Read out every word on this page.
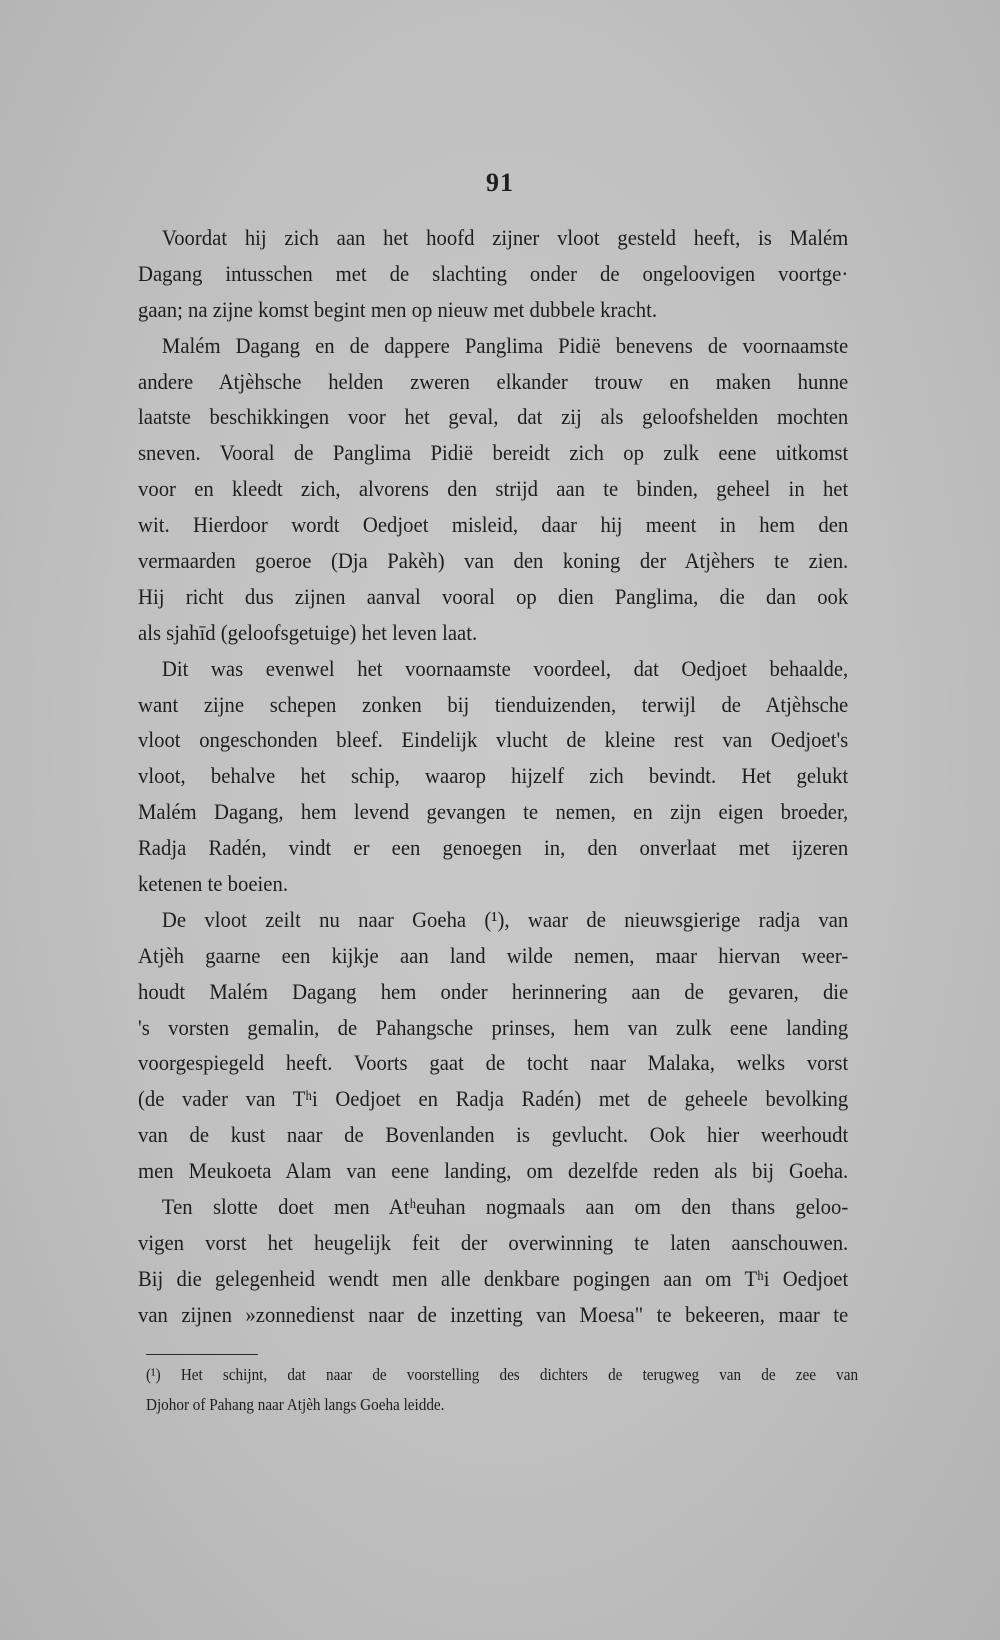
91
Voordat hij zich aan het hoofd zijner vloot gesteld heeft, is Malém
Dagang intusschen met de slachting onder de ongeloovigen voortge·
gaan; na zijne komst begint men op nieuw met dubbele kracht.
Malém Dagang en de dappere Panglima Pidië benevens de voornaamste
andere Atjèhsche helden zweren elkander trouw en maken hunne
laatste beschikkingen voor het geval, dat zij als geloofshelden mochten
sneven. Vooral de Panglima Pidië bereidt zich op zulk eene uitkomst
voor en kleedt zich, alvorens den strijd aan te binden, geheel in het
wit. Hierdoor wordt Oedjoet misleid, daar hij meent in hem den
vermaarden goeroe (Dja Pakèh) van den koning der Atjèhers te zien.
Hij richt dus zijnen aanval vooral op dien Panglima, die dan ook
als sjahīd (geloofsgetuige) het leven laat.
Dit was evenwel het voornaamste voordeel, dat Oedjoet behaalde,
want zijne schepen zonken bij tienduizenden, terwijl de Atjèhsche
vloot ongeschonden bleef. Eindelijk vlucht de kleine rest van Oedjoet's
vloot, behalve het schip, waarop hijzelf zich bevindt. Het gelukt
Malém Dagang, hem levend gevangen te nemen, en zijn eigen broeder,
Radja Radén, vindt er een genoegen in, den onverlaat met ijzeren
ketenen te boeien.
De vloot zeilt nu naar Goeha (¹), waar de nieuwsgierige radja van
Atjèh gaarne een kijkje aan land wilde nemen, maar hiervan weer-
houdt Malém Dagang hem onder herinnering aan de gevaren, die
's vorsten gemalin, de Pahangsche prinses, hem van zulk eene landing
voorgespiegeld heeft. Voorts gaat de tocht naar Malaka, welks vorst
(de vader van Tʰi Oedjoet en Radja Radén) met de geheele bevolking
van de kust naar de Bovenlanden is gevlucht. Ook hier weerhoudt
men Meukoeta Alam van eene landing, om dezelfde reden als bij Goeha.
Ten slotte doet men Atʰeuhan nogmaals aan om den thans geloo-
vigen vorst het heugelijk feit der overwinning te laten aanschouwen.
Bij die gelegenheid wendt men alle denkbare pogingen aan om Tʰi Oedjoet
van zijnen »zonnedienst naar de inzetting van Moesa" te bekeeren, maar te
(¹) Het schijnt, dat naar de voorstelling des dichters de terugweg van de zee van
Djohor of Pahang naar Atjèh langs Goeha leidde.
